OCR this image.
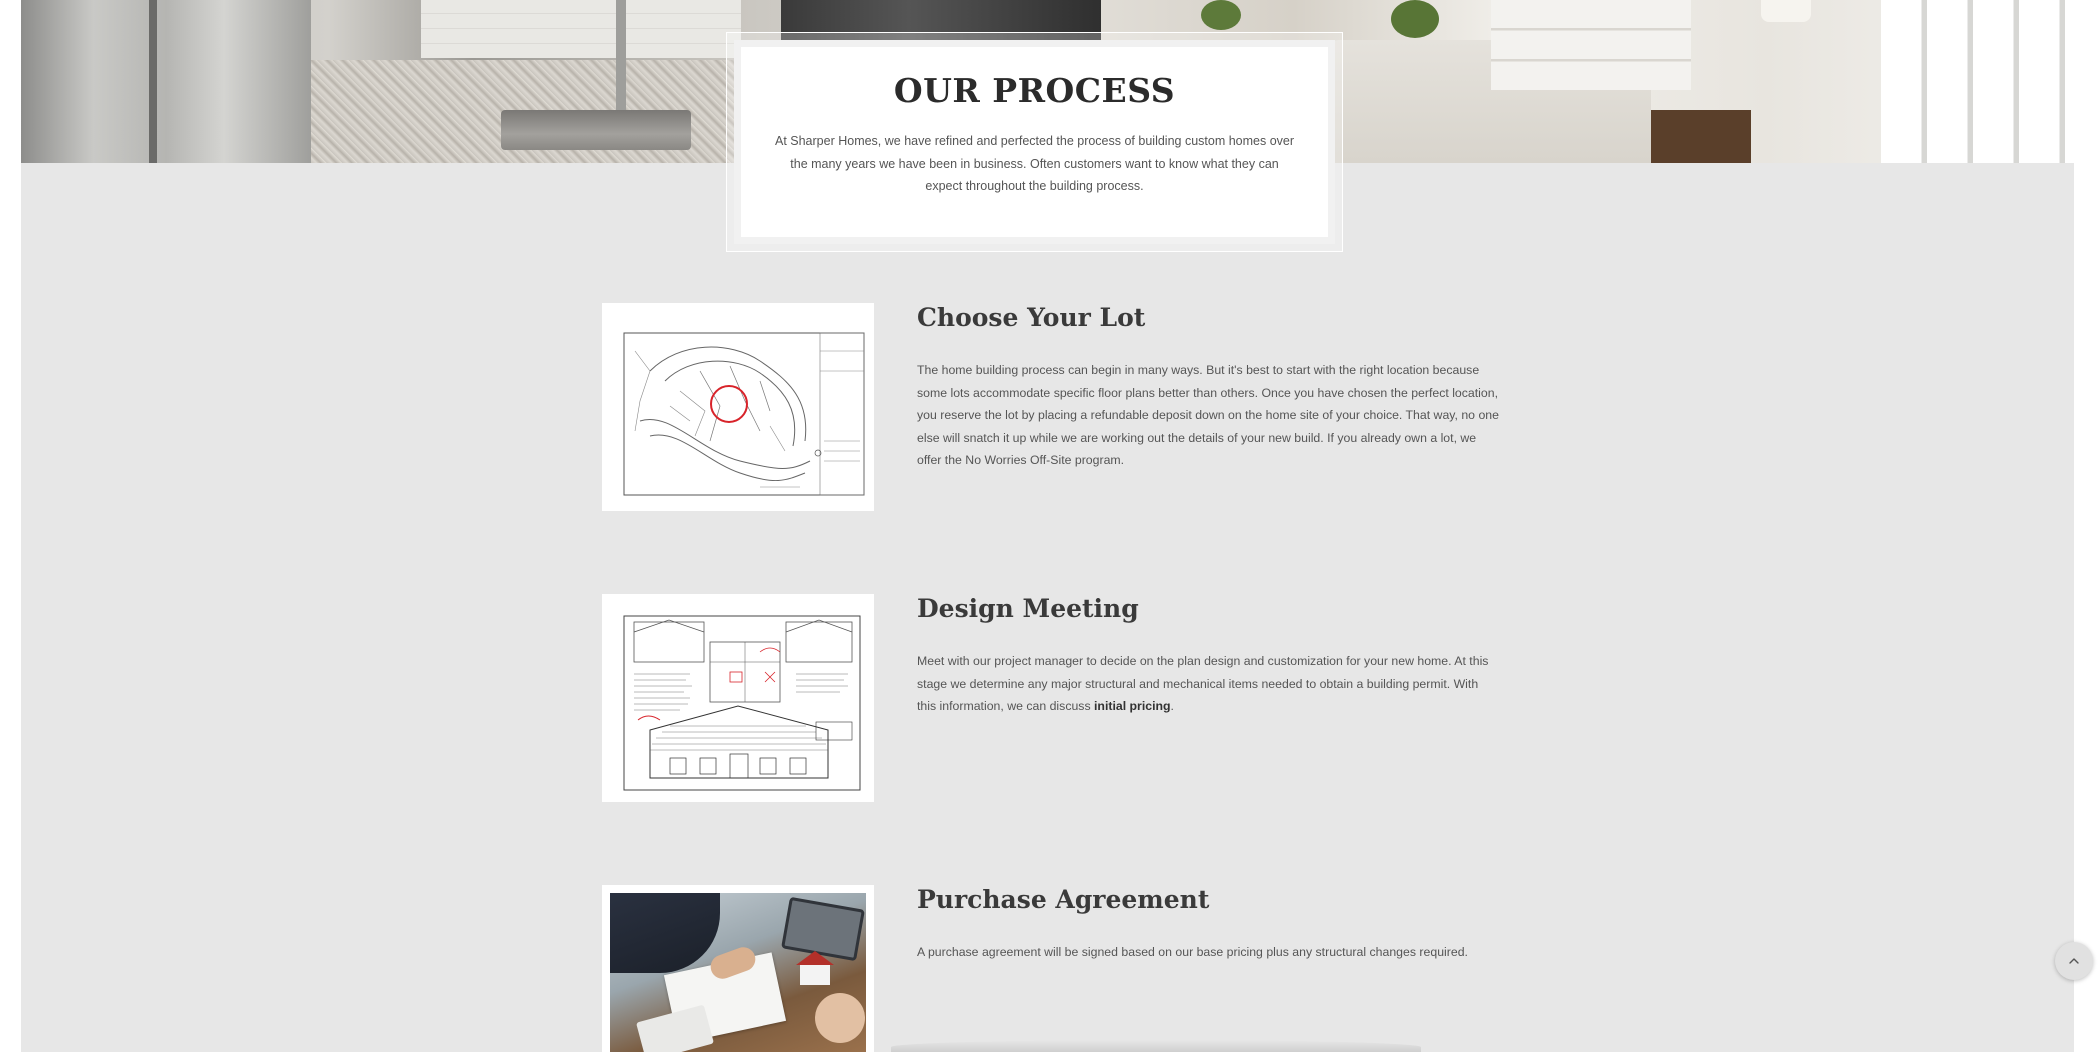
OUR PROCESS

At Sharper Homes, we have refined and perfected the process of building custom homes over the many years we have been in business. Often customers want to know what they can expect throughout the building process.

Choose Your Lot

The home building process can begin in many ways. But it's best to start with the right location because some lots accommodate specific floor plans better than others. Once you have chosen the perfect location, you reserve the lot by placing a refundable deposit down on the home site of your choice. That way, no one else will snatch it up while we are working out the details of your new build. If you already own a lot, we offer the No Worries Off-Site program.

Design Meeting

Meet with our project manager to decide on the plan design and customization for your new home. At this stage we determine any major structural and mechanical items needed to obtain a building permit. With this information, we can discuss initial pricing.

Purchase Agreement

A purchase agreement will be signed based on our base pricing plus any structural changes required.
